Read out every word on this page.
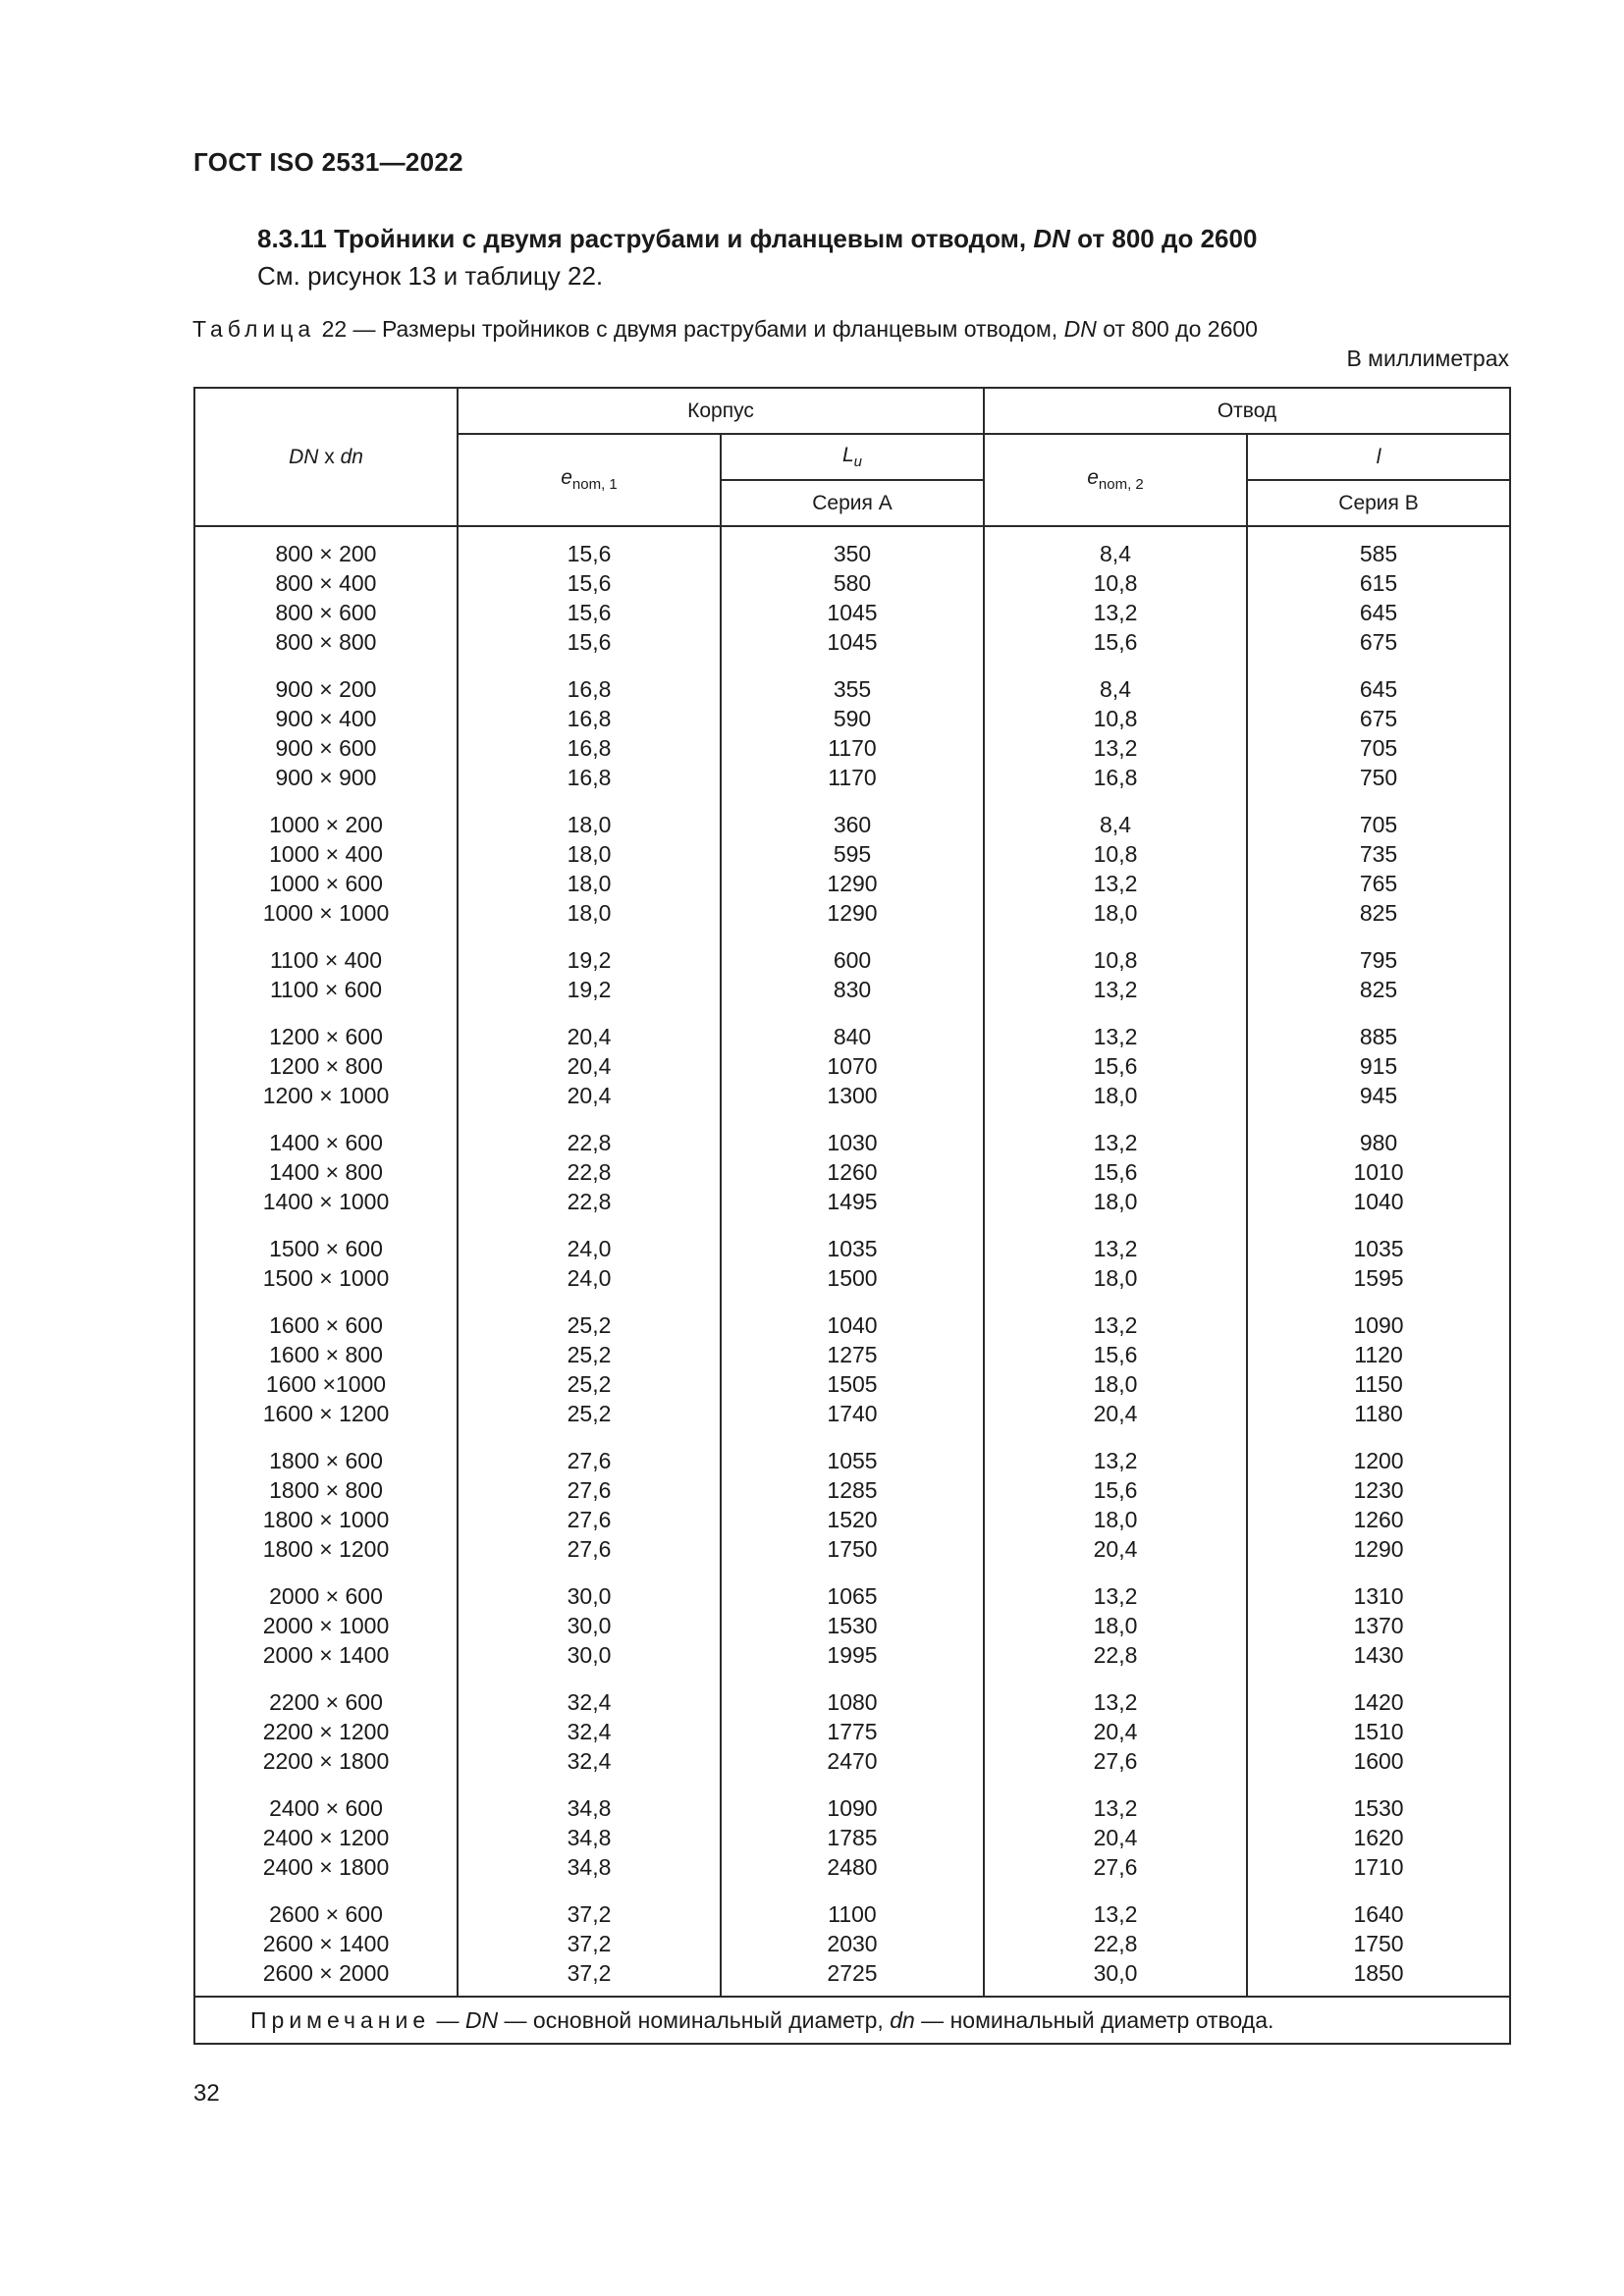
ГОСТ ISO 2531—2022
8.3.11 Тройники с двумя раструбами и фланцевым отводом, DN от 800 до 2600
См. рисунок 13 и таблицу 22.
Таблица 22 — Размеры тройников с двумя раструбами и фланцевым отводом, DN от 800 до 2600
В миллиметрах
DN x dn	Корпус		Отвод	
	$e_{nom, 1}$	$L_u$	$e_{nom, 2}$	l
		Серия А		Серия В
800 × 200	15,6	350	8,4	585
800 × 400	15,6	580	10,8	615
800 × 600	15,6	1045	13,2	645
800 × 800	15,6	1045	15,6	675
900 × 200	16,8	355	8,4	645
900 × 400	16,8	590	10,8	675
900 × 600	16,8	1170	13,2	705
900 × 900	16,8	1170	16,8	750
1000 × 200	18,0	360	8,4	705
1000 × 400	18,0	595	10,8	735
1000 × 600	18,0	1290	13,2	765
1000 × 1000	18,0	1290	18,0	825
1100 × 400	19,2	600	10,8	795
1100 × 600	19,2	830	13,2	825
1200 × 600	20,4	840	13,2	885
1200 × 800	20,4	1070	15,6	915
1200 × 1000	20,4	1300	18,0	945
1400 × 600	22,8	1030	13,2	980
1400 × 800	22,8	1260	15,6	1010
1400 × 1000	22,8	1495	18,0	1040
1500 × 600	24,0	1035	13,2	1035
1500 × 1000	24,0	1500	18,0	1595
1600 × 600	25,2	1040	13,2	1090
1600 × 800	25,2	1275	15,6	1120
1600 ×1000	25,2	1505	18,0	1150
1600 × 1200	25,2	1740	20,4	1180
1800 × 600	27,6	1055	13,2	1200
1800 × 800	27,6	1285	15,6	1230
1800 × 1000	27,6	1520	18,0	1260
1800 × 1200	27,6	1750	20,4	1290
2000 × 600	30,0	1065	13,2	1310
2000 × 1000	30,0	1530	18,0	1370
2000 × 1400	30,0	1995	22,8	1430
2200 × 600	32,4	1080	13,2	1420
2200 × 1200	32,4	1775	20,4	1510
2200 × 1800	32,4	2470	27,6	1600
2400 × 600	34,8	1090	13,2	1530
2400 × 1200	34,8	1785	20,4	1620
2400 × 1800	34,8	2480	27,6	1710
2600 × 600	37,2	1100	13,2	1640
2600 × 1400	37,2	2030	22,8	1750
2600 × 2000	37,2	2725	30,0	1850
Примечание — DN — основной номинальный диаметр, dn — номинальный диаметр отвода.				
32
